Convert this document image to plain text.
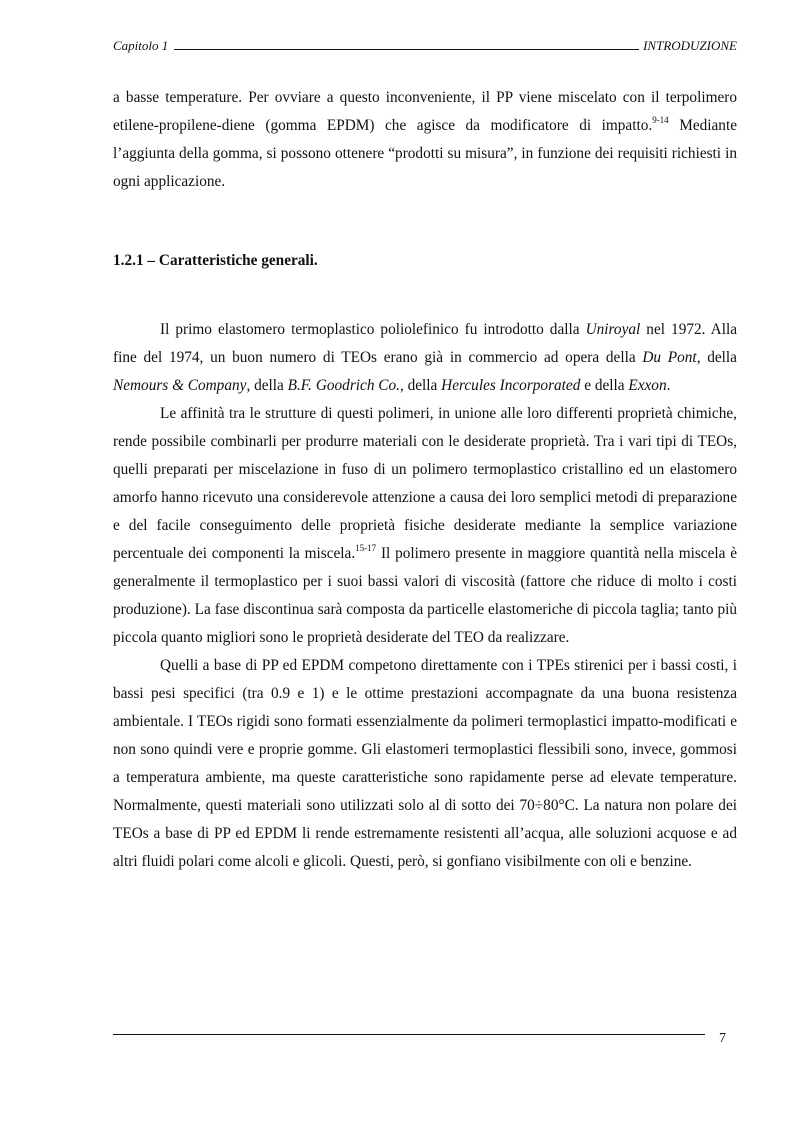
Capitolo 1	INTRODUZIONE

a basse temperature. Per ovviare a questo inconveniente, il PP viene miscelato con il terpolimero etilene-propilene-diene (gomma EPDM) che agisce da modificatore di impatto.$^{9-14}$ Mediante l’aggiunta della gomma, si possono ottenere “prodotti su misura”, in funzione dei requisiti richiesti in ogni applicazione.

1.2.1 – Caratteristiche generali.

Il primo elastomero termoplastico poliolefinico fu introdotto dalla Uniroyal nel 1972. Alla fine del 1974, un buon numero di TEOs erano già in commercio ad opera della Du Pont, della Nemours & Company, della B.F. Goodrich Co., della Hercules Incorporated e della Exxon.

Le affinità tra le strutture di questi polimeri, in unione alle loro differenti proprietà chimiche, rende possibile combinarli per produrre materiali con le desiderate proprietà. Tra i vari tipi di TEOs, quelli preparati per miscelazione in fuso di un polimero termoplastico cristallino ed un elastomero amorfo hanno ricevuto una considerevole attenzione a causa dei loro semplici metodi di preparazione e del facile conseguimento delle proprietà fisiche desiderate mediante la semplice variazione percentuale dei componenti la miscela.$^{15-17}$ Il polimero presente in maggiore quantità nella miscela è generalmente il termoplastico per i suoi bassi valori di viscosità (fattore che riduce di molto i costi produzione). La fase discontinua sarà composta da particelle elastomeriche di piccola taglia; tanto più piccola quanto migliori sono le proprietà desiderate del TEO da realizzare.

Quelli a base di PP ed EPDM competono direttamente con i TPEs stirenici per i bassi costi, i bassi pesi specifici (tra 0.9 e 1) e le ottime prestazioni accompagnate da una buona resistenza ambientale. I TEOs rigidi sono formati essenzialmente da polimeri termoplastici impatto-modificati e non sono quindi vere e proprie gomme. Gli elastomeri termoplastici flessibili sono, invece, gommosi a temperatura ambiente, ma queste caratteristiche sono rapidamente perse ad elevate temperature. Normalmente, questi materiali sono utilizzati solo al di sotto dei 70÷80°C. La natura non polare dei TEOs a base di PP ed EPDM li rende estremamente resistenti all’acqua, alle soluzioni acquose e ad altri fluidi polari come alcoli e glicoli. Questi, però, si gonfiano visibilmente con oli e benzine.

7
